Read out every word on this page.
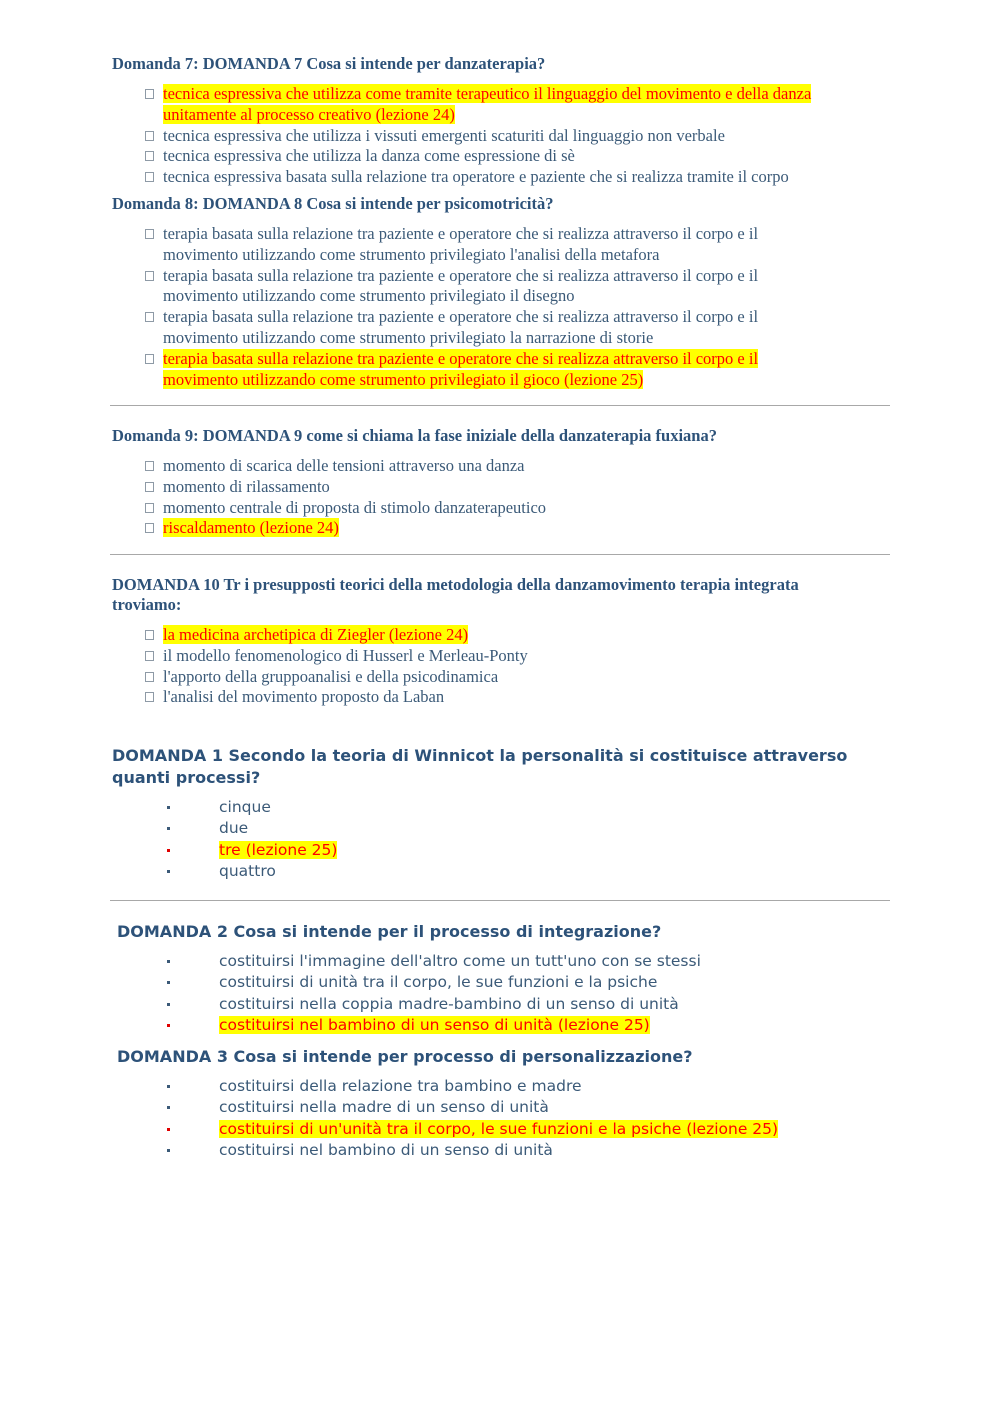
Domanda 7: DOMANDA 7 Cosa si intende per danzaterapia?
tecnica espressiva che utilizza come tramite terapeutico il linguaggio del movimento e della danza
unitamente al processo creativo (lezione 24)
tecnica espressiva che utilizza i vissuti emergenti scaturiti dal linguaggio non verbale
tecnica espressiva che utilizza la danza come espressione di sè
tecnica espressiva basata sulla relazione tra operatore e paziente che si realizza tramite il corpo
Domanda 8: DOMANDA 8 Cosa si intende per psicomotricità?
terapia basata sulla relazione tra paziente e operatore che si realizza attraverso il corpo e il
movimento utilizzando come strumento privilegiato l'analisi della metafora
terapia basata sulla relazione tra paziente e operatore che si realizza attraverso il corpo e il
movimento utilizzando come strumento privilegiato il disegno
terapia basata sulla relazione tra paziente e operatore che si realizza attraverso il corpo e il
movimento utilizzando come strumento privilegiato la narrazione di storie
terapia basata sulla relazione tra paziente e operatore che si realizza attraverso il corpo e il
movimento utilizzando come strumento privilegiato il gioco (lezione 25)
Domanda 9: DOMANDA 9 come si chiama la fase iniziale della danzaterapia fuxiana?
momento di scarica delle tensioni attraverso una danza
momento di rilassamento
momento centrale di proposta di stimolo danzaterapeutico
riscaldamento (lezione 24)
DOMANDA 10 Tr i presupposti teorici della metodologia della danzamovimento terapia integrata
troviamo:
la medicina archetipica di Ziegler (lezione 24)
il modello fenomenologico di Husserl e Merleau-Ponty
l'apporto della gruppoanalisi e della psicodinamica
l'analisi del movimento proposto da Laban
DOMANDA 1 Secondo la teoria di Winnicot la personalità si costituisce attraverso
quanti processi?
cinque
due
tre (lezione 25)
quattro
DOMANDA 2 Cosa si intende per il processo di integrazione?
costituirsi l'immagine dell'altro come un tutt'uno con se stessi
costituirsi di unità tra il corpo, le sue funzioni e la psiche
costituirsi nella coppia madre-bambino di un senso di unità
costituirsi nel bambino di un senso di unità (lezione 25)
DOMANDA 3 Cosa si intende per processo di personalizzazione?
costituirsi della relazione tra bambino e madre
costituirsi nella madre di un senso di unità
costituirsi di un'unità tra il corpo, le sue funzioni e la psiche (lezione 25)
costituirsi nel bambino di un senso di unità
